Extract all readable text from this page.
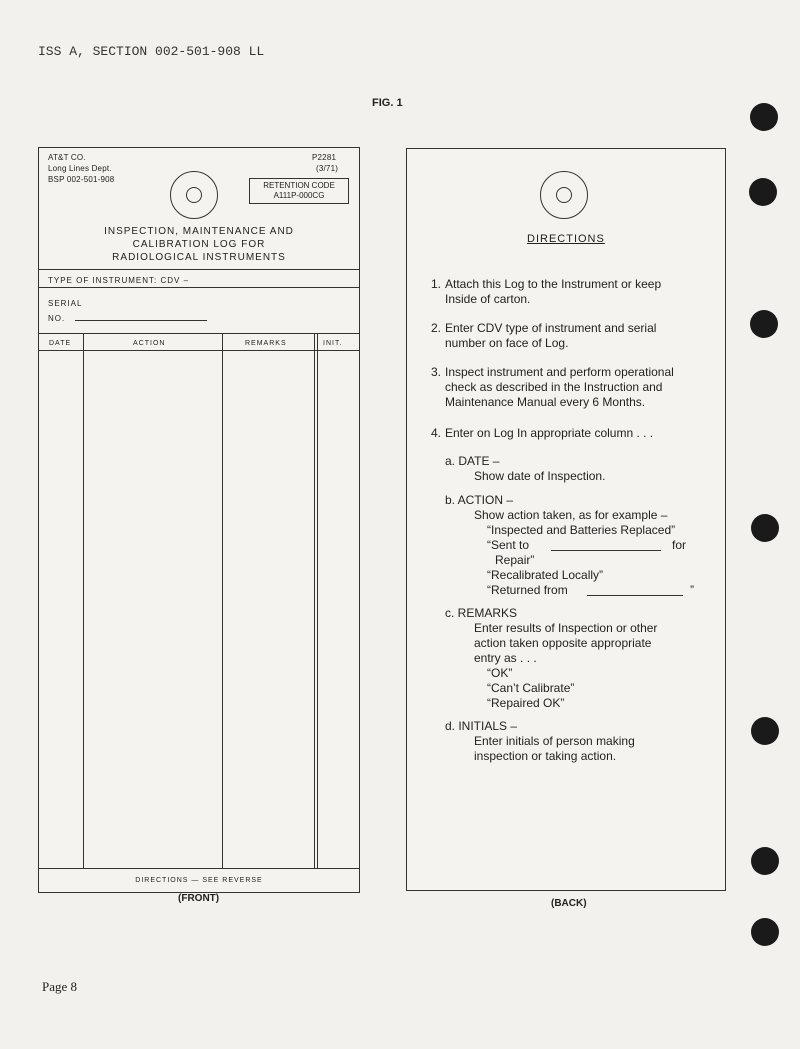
ISS A, SECTION 002-501-908 LL
FIG. 1
AT&T CO.
Long Lines Dept.
BSP 002-501-908
P2281
(3/71)
RETENTION CODE
A111P-000CG
INSPECTION, MAINTENANCE AND
CALIBRATION LOG FOR
RADIOLOGICAL INSTRUMENTS
TYPE OF INSTRUMENT: CDV –
SERIAL
NO.
DATE	ACTION	REMARKS	INIT.
DIRECTIONS — SEE REVERSE
(FRONT)
DIRECTIONS
1. Attach this Log to the Instrument or keep
Inside of carton.
2. Enter CDV type of instrument and serial
number on face of Log.
3. Inspect instrument and perform operational
check as described in the Instruction and
Maintenance Manual every 6 Months.
4. Enter on Log In appropriate column . . .
a. DATE –
Show date of Inspection.
b. ACTION –
Show action taken, as for example –
“Inspected and Batteries Replaced”
“Sent to	for
Repair”
“Recalibrated Locally”
“Returned from	”
c. REMARKS
Enter results of Inspection or other
action taken opposite appropriate
entry as . . .
“OK”
“Can’t Calibrate”
“Repaired OK”
d. INITIALS –
Enter initials of person making
inspection or taking action.
(BACK)
Page 8
